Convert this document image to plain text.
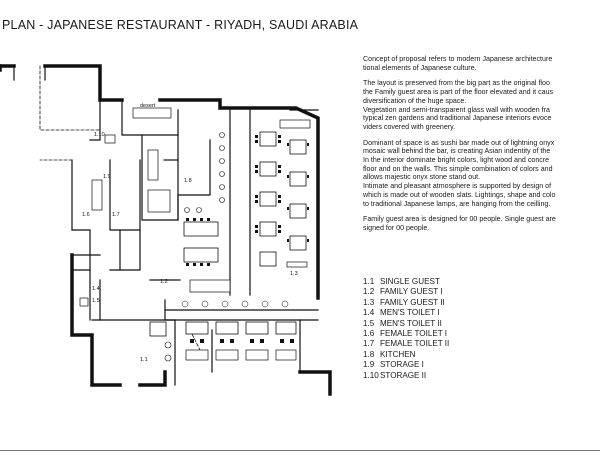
PLAN - JAPANESE RESTAURANT - RIYADH, SAUDI ARABIA
desert
1.10
1.9
1.8
1.6	1.7
1.4
1.5
1.2
1.3
1.1

Concept of proposal refers to modern Japanese architecture
tional elements of Japanese culture.

The layout is preserved from the big part as the original floo
the Family guest area is part of the floor elevated and it caus
diversification of the huge space.
Vegetation and semi-transparent glass wall with wooden fra
typical zen gardens and traditional Japanese interiors evoce
viders covered with greenery.

Dominant of space is as sushi bar made out of lightning onyx
mosaic wall behind the bar, is creating Asian indentity of the
In the interior dominate bright colors, light wood and concre
floor and on the walls. This simple combination of colors and
allows majestic onyx stone stand out.
Intimate and pleasant atmosphere is supported by design of
which is made out of wooden slats. Lightings, shape and colo
to traditional Japanese lamps, are hanging from the ceilling.

Family guest area is designed for 00 people. Single guest are
signed for 00 people.

1.1 SINGLE GUEST
1.2 FAMILY GUEST I
1.3 FAMILY GUEST II
1.4 MEN'S TOILET I
1.5 MEN'S TOILET II
1.6 FEMALE TOILET I
1.7 FEMALE TOILET II
1.8 KITCHEN
1.9 STORAGE I
1.10 STORAGE II
